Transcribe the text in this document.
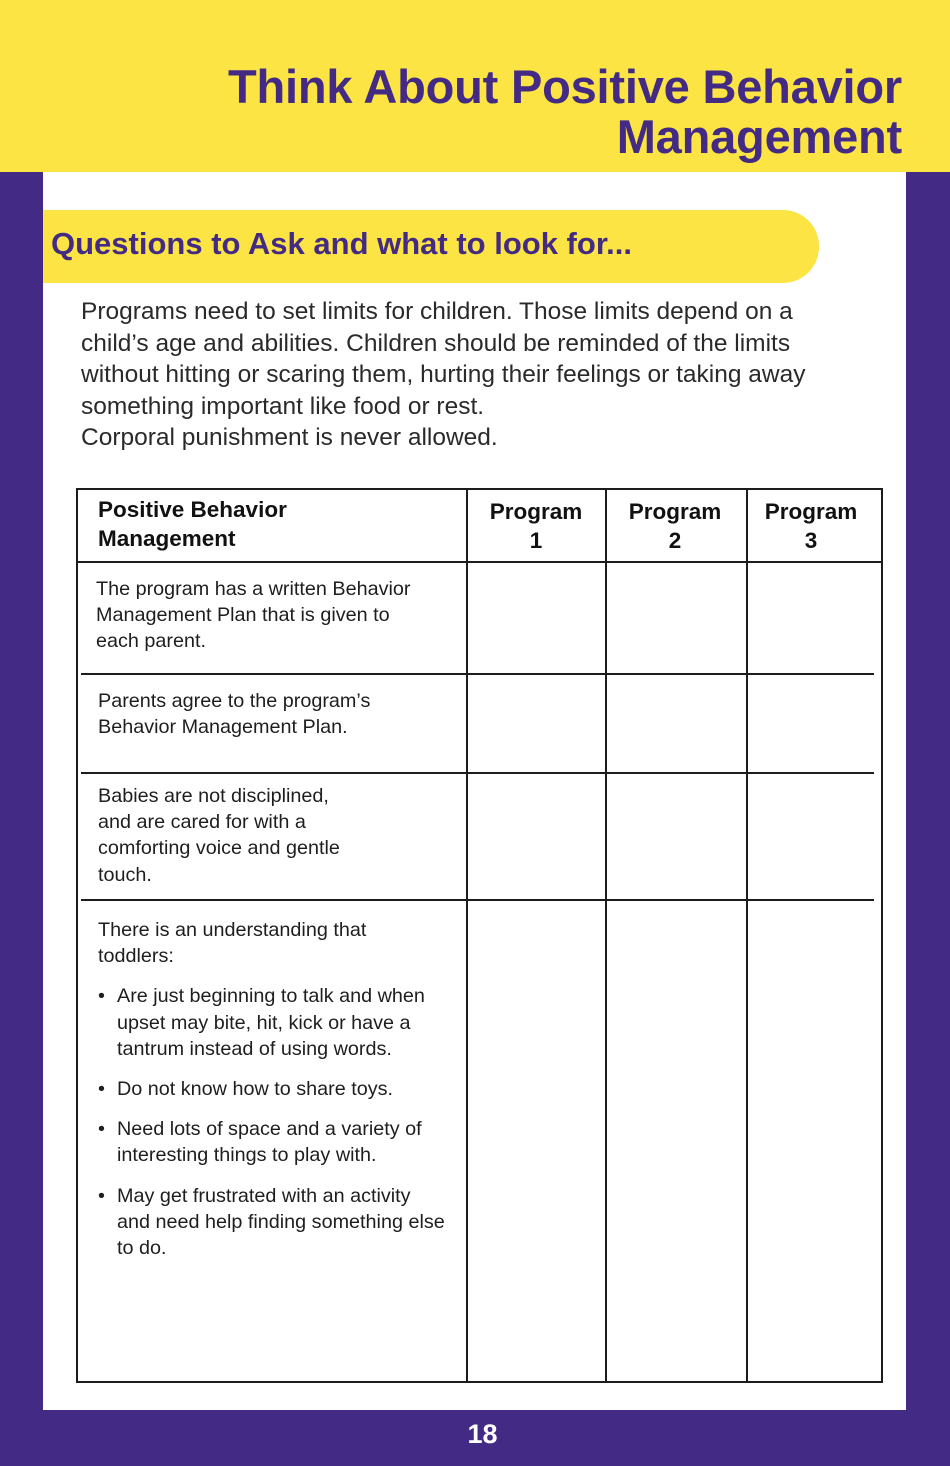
Think About Positive Behavior Management
Questions to Ask and what to look for...

Programs need to set limits for children. Those limits depend on a child’s age and abilities. Children should be reminded of the limits without hitting or scaring them, hurting their feelings or taking away something important like food or rest.

Corporal punishment is never allowed.

Positive Behavior Management
Program 1
Program 2
Program 3

The program has a written Behavior Management Plan that is given to each parent.

Parents agree to the program’s Behavior Management Plan.

Babies are not disciplined, and are cared for with a comforting voice and gentle touch.

There is an understanding that toddlers:

• Are just beginning to talk and when upset may bite, hit, kick or have a tantrum instead of using words.
• Do not know how to share toys.
• Need lots of space and a variety of interesting things to play with.
• May get frustrated with an activity and need help finding something else to do.
18
